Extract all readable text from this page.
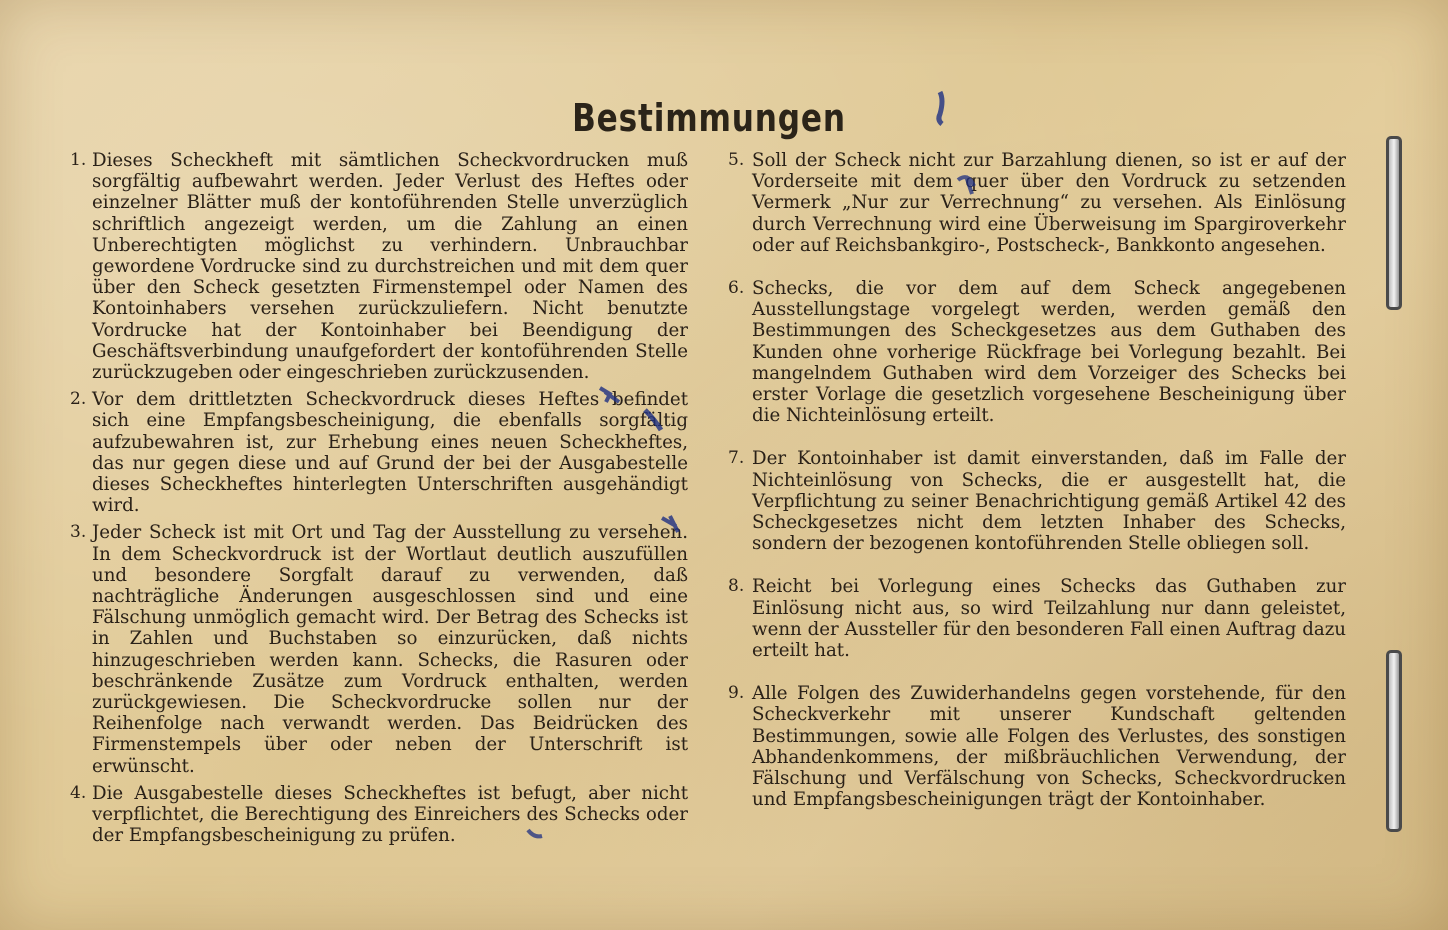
Bestimmungen
1. Dieses Scheckheft mit sämtlichen Scheckvordrucken muß sorgfältig aufbewahrt werden. Jeder Verlust des Heftes oder einzelner Blätter muß der kontoführenden Stelle unverzüglich schriftlich angezeigt werden, um die Zahlung an einen Unberechtigten möglichst zu verhindern. Unbrauchbar gewordene Vordrucke sind zu durchstreichen und mit dem quer über den Scheck gesetzten Firmenstempel oder Namen des Kontoinhabers versehen zurückzuliefern. Nicht benutzte Vordrucke hat der Kontoinhaber bei Beendigung der Geschäftsverbindung unaufgefordert der kontoführenden Stelle zurückzugeben oder eingeschrieben zurückzusenden.
2. Vor dem drittletzten Scheckvordruck dieses Heftes befindet sich eine Empfangsbescheinigung, die ebenfalls sorgfältig aufzubewahren ist, zur Erhebung eines neuen Scheckheftes, das nur gegen diese und auf Grund der bei der Ausgabestelle dieses Scheckheftes hinterlegten Unterschriften ausgehändigt wird.
3. Jeder Scheck ist mit Ort und Tag der Ausstellung zu versehen. In dem Scheckvordruck ist der Wortlaut deutlich auszufüllen und besondere Sorgfalt darauf zu verwenden, daß nachträgliche Änderungen ausgeschlossen sind und eine Fälschung unmöglich gemacht wird. Der Betrag des Schecks ist in Zahlen und Buchstaben so einzurücken, daß nichts hinzugeschrieben werden kann. Schecks, die Rasuren oder beschränkende Zusätze zum Vordruck enthalten, werden zurückgewiesen. Die Scheckvordrucke sollen nur der Reihenfolge nach verwandt werden. Das Beidrücken des Firmenstempels über oder neben der Unterschrift ist erwünscht.
4. Die Ausgabestelle dieses Scheckheftes ist befugt, aber nicht verpflichtet, die Berechtigung des Einreichers des Schecks oder der Empfangsbescheinigung zu prüfen.
5. Soll der Scheck nicht zur Barzahlung dienen, so ist er auf der Vorderseite mit dem quer über den Vordruck zu setzenden Vermerk „Nur zur Verrechnung“ zu versehen. Als Einlösung durch Verrechnung wird eine Überweisung im Spargiroverkehr oder auf Reichsbankgiro-, Postscheck-, Bankkonto angesehen.
6. Schecks, die vor dem auf dem Scheck angegebenen Ausstellungstage vorgelegt werden, werden gemäß den Bestimmungen des Scheckgesetzes aus dem Guthaben des Kunden ohne vorherige Rückfrage bei Vorlegung bezahlt. Bei mangelndem Guthaben wird dem Vorzeiger des Schecks bei erster Vorlage die gesetzlich vorgesehene Bescheinigung über die Nichteinlösung erteilt.
7. Der Kontoinhaber ist damit einverstanden, daß im Falle der Nichteinlösung von Schecks, die er ausgestellt hat, die Verpflichtung zu seiner Benachrichtigung gemäß Artikel 42 des Scheckgesetzes nicht dem letzten Inhaber des Schecks, sondern der bezogenen kontoführenden Stelle obliegen soll.
8. Reicht bei Vorlegung eines Schecks das Guthaben zur Einlösung nicht aus, so wird Teilzahlung nur dann geleistet, wenn der Aussteller für den besonderen Fall einen Auftrag dazu erteilt hat.
9. Alle Folgen des Zuwiderhandelns gegen vorstehende, für den Scheckverkehr mit unserer Kundschaft geltenden Bestimmungen, sowie alle Folgen des Verlustes, des sonstigen Abhandenkommens, der mißbräuchlichen Verwendung, der Fälschung und Verfälschung von Schecks, Scheckvordrucken und Empfangsbescheinigungen trägt der Kontoinhaber.
